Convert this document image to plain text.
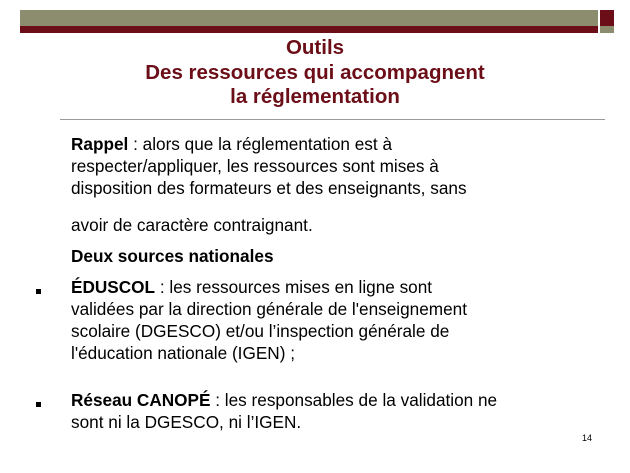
Outils
Des ressources qui accompagnent
la réglementation
Rappel : alors que la réglementation est à
respecter/appliquer, les ressources sont mises à
disposition des formateurs et des enseignants, sans
avoir de caractère contraignant.
Deux sources nationales
ÉDUSCOL : les ressources mises en ligne sont
validées par la direction générale de l'enseignement
scolaire (DGESCO) et/ou l’inspection générale de
l'éducation nationale (IGEN) ;
Réseau CANOPÉ : les responsables de la validation ne
sont ni la DGESCO, ni l’IGEN.
14
